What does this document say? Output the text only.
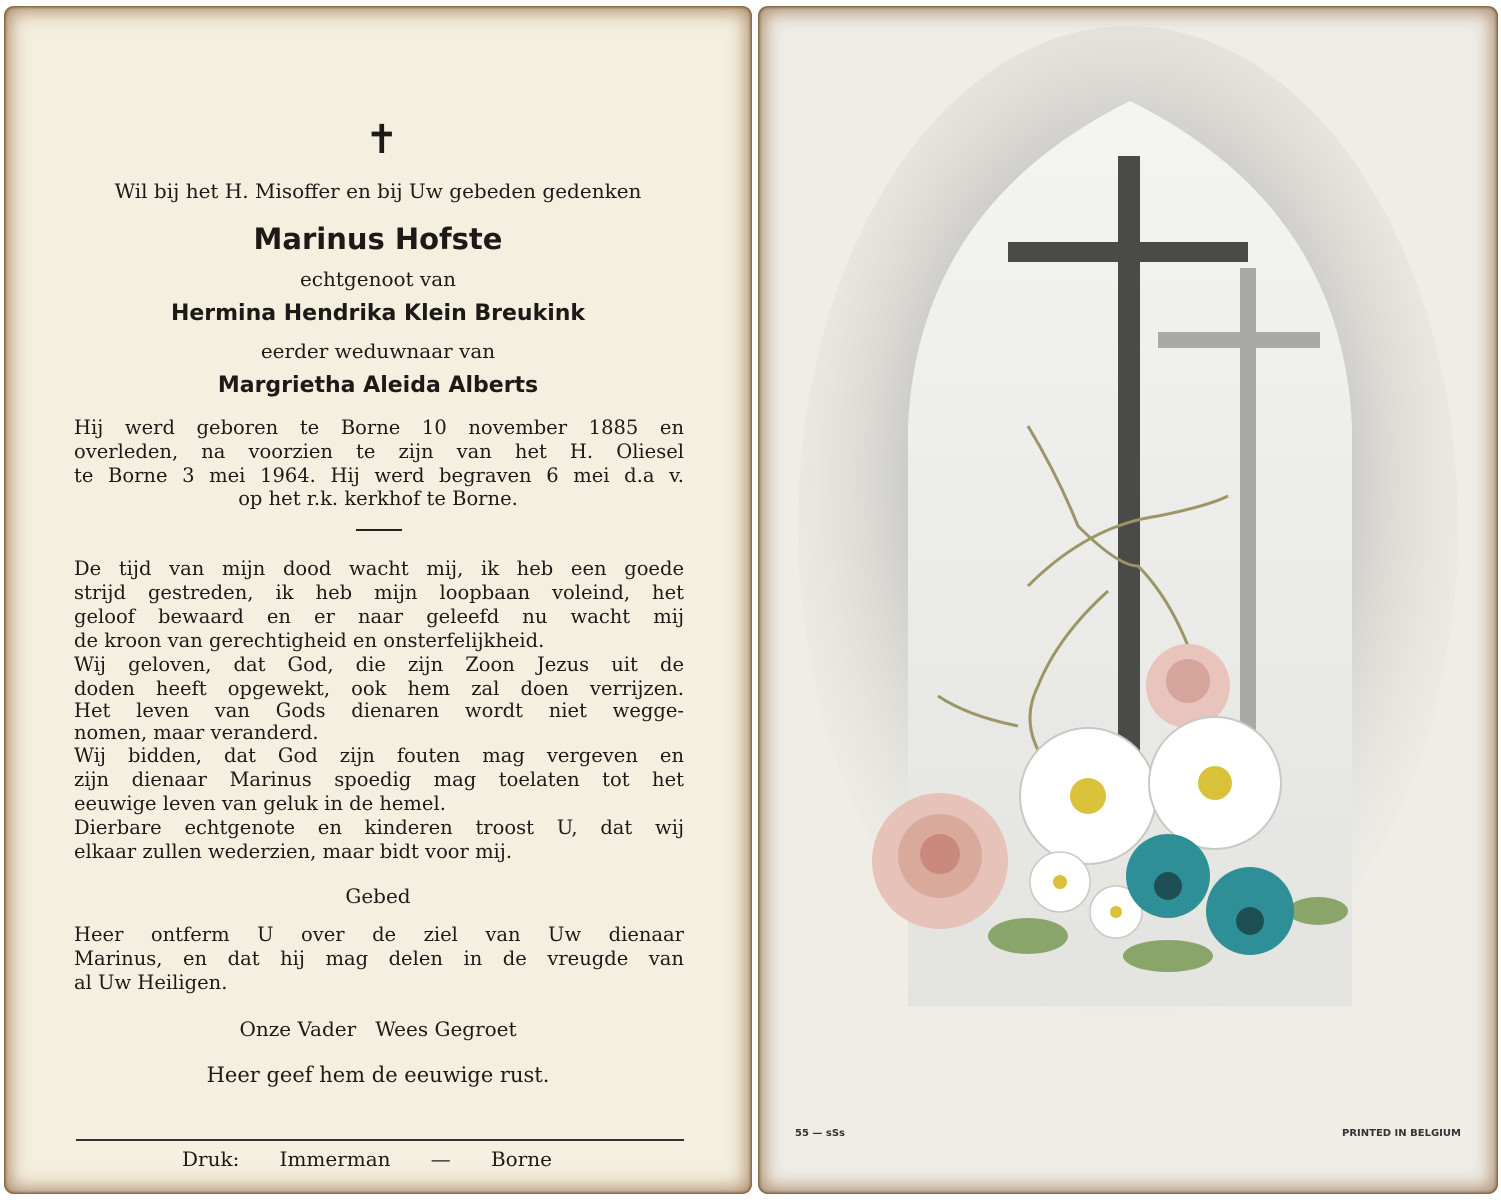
✝
Wil bij het H. Misoffer en bij Uw gebeden gedenken
Marinus Hofste
echtgenoot van
Hermina Hendrika Klein Breukink
eerder weduwnaar van
Margrietha Aleida Alberts
Hij werd geboren te Borne 10 november 1885 en
overleden, na voorzien te zijn van het H. Oliesel
te Borne 3 mei 1964. Hij werd begraven 6 mei d.a v.
op het r.k. kerkhof te Borne.
De tijd van mijn dood wacht mij, ik heb een goede
strijd gestreden, ik heb mijn loopbaan voleind, het
geloof bewaard en er naar geleefd nu wacht mij
de kroon van gerechtigheid en onsterfelijkheid.
Wij geloven, dat God, die zijn Zoon Jezus uit de
doden heeft opgewekt, ook hem zal doen verrijzen.
Het leven van Gods dienaren wordt niet wegge-
nomen, maar veranderd.
Wij bidden, dat God zijn fouten mag vergeven en
zijn dienaar Marinus spoedig mag toelaten tot het
eeuwige leven van geluk in de hemel.
Dierbare echtgenote en kinderen troost U, dat wij
elkaar zullen wederzien, maar bidt voor mij.
Gebed
Heer ontferm U over de ziel van Uw dienaar
Marinus, en dat hij mag delen in de vreugde van
al Uw Heiligen.
Onze Vader   Wees Gegroet
Heer geef hem de eeuwige rust.
Druk: Immerman — Borne
55 — sSs	PRINTED IN BELGIUM
